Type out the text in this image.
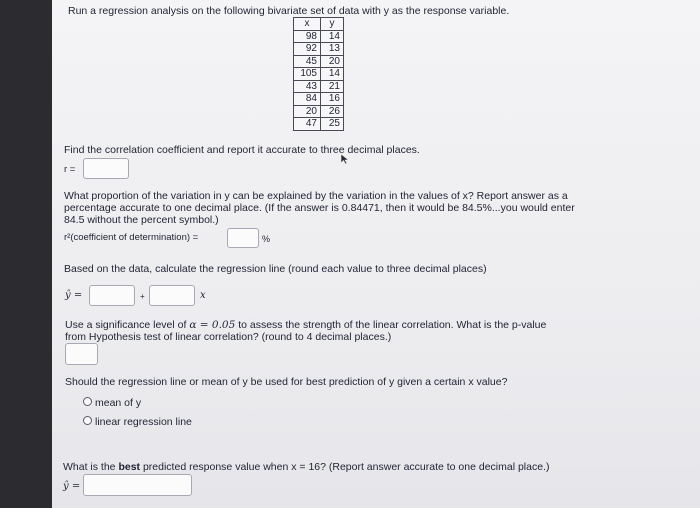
Run a regression analysis on the following bivariate set of data with y as the response variable.
x	y
98	14
92	13
45	20
105	14
43	21
84	16
20	26
47	25
Find the correlation coefficient and report it accurate to three decimal places.
r =
What proportion of the variation in y can be explained by the variation in the values of x? Report answer as a percentage accurate to one decimal place. (If the answer is 0.84471, then it would be 84.5%...you would enter 84.5 without the percent symbol.)
r²(coefficient of determination) =	%
Based on the data, calculate the regression line (round each value to three decimal places)
ŷ =	+	x
Use a significance level of α = 0.05 to assess the strength of the linear correlation. What is the p-value
from Hypothesis test of linear correlation? (round to 4 decimal places.)
Should the regression line or mean of y be used for best prediction of y given a certain x value?
mean of y
linear regression line
What is the best predicted response value when x = 16? (Report answer accurate to one decimal place.)
ŷ =
